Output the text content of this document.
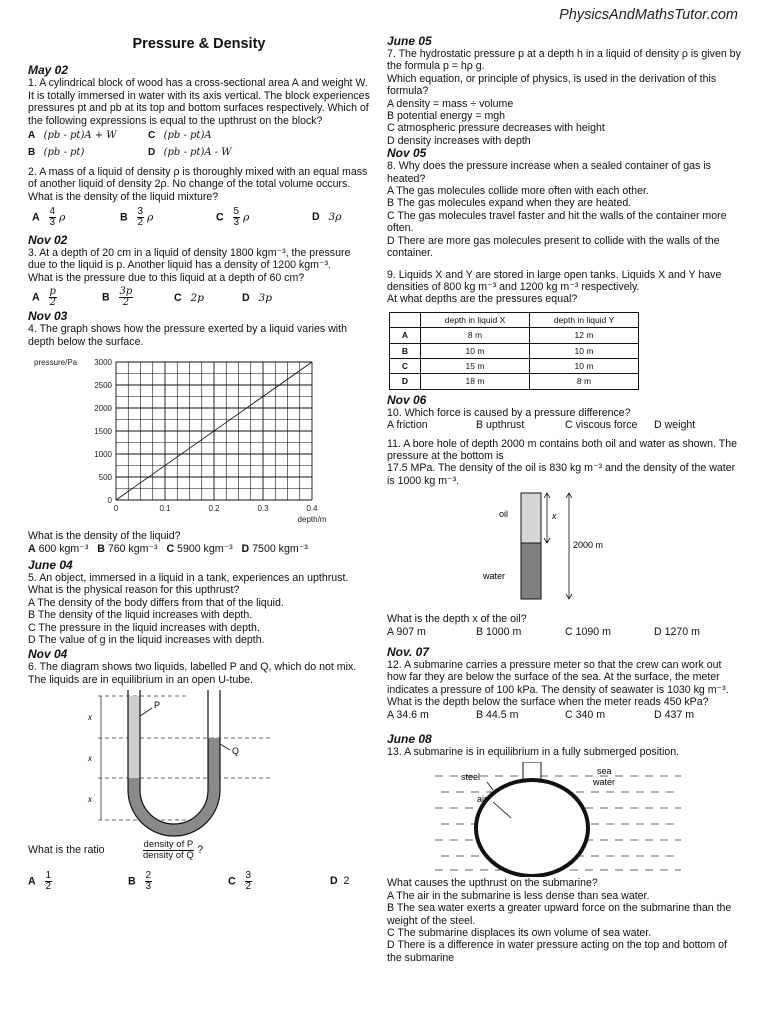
PhysicsAndMathsTutor.com
Pressure & Density
May 02

1. A cylindrical block of wood has a cross-sectional area A and weight W. It is totally immersed in water with its axis vertical. The block experiences pressures pt and pb at its top and bottom surfaces respectively. Which of the following expressions is equal to the upthrust on the block?

A (pb - pt)A + W	C (pb - pt)A
B (pb - pt)	D (pb - pt)A - W

2. A mass of a liquid of density ρ is thoroughly mixed with an equal mass of another liquid of density 2ρ. No change of the total volume occurs. What is the density of the liquid mixture?

A $\frac{4}{3}$ ρ	B $\frac{3}{2}$ ρ	C $\frac{5}{3}$ ρ	D 3ρ
Nov 02

3. At a depth of 20 cm in a liquid of density 1800 kgm⁻³, the pressure due to the liquid is p. Another liquid has a density of 1200 kgm⁻³.

What is the pressure due to this liquid at a depth of 60 cm?

A $\frac{p}{2}$	B $\frac{3p}{2}$	C 2p	D 3p
Nov 03

4. The graph shows how the pressure exerted by a liquid varies with depth below the surface.

0
500
1000
1500
2000
2500
3000
0	0.1	0.2	0.3	0.4
pressure/Pa
depth/m

What is the density of the liquid?

A 600 kgm⁻³ B 760 kgm⁻³ C 5900 kgm⁻³ D 7500 kgm⁻³
June 04

5. An object, immersed in a liquid in a tank, experiences an upthrust.

What is the physical reason for this upthrust?

A The density of the body differs from that of the liquid.

B The density of the liquid increases with depth.

C The pressure in the liquid increases with depth.

D The value of g in the liquid increases with depth.

Nov 04

6. The diagram shows two liquids, labelled P and Q, which do not mix. The liquids are in equilibrium in an open U-tube.

x
x
x
P
Q
What is the ratio	$\frac{\text{density of P}}{\text{density of Q}}$ ?
A $\frac{1}{2}$	B $\frac{2}{3}$	C $\frac{3}{2}$	D 2
June 05

7. The hydrostatic pressure p at a depth h in a liquid of density ρ is given by the formula p = hρ g.

Which equation, or principle of physics, is used in the derivation of this formula?

A density = mass ÷ volume

B potential energy = mgh

C atmospheric pressure decreases with height

D density increases with depth

Nov 05

8. Why does the pressure increase when a sealed container of gas is heated?

A The gas molecules collide more often with each other.

B The gas molecules expand when they are heated.

C The gas molecules travel faster and hit the walls of the container more often.

D There are more gas molecules present to collide with the walls of the container.

9. Liquids X and Y are stored in large open tanks. Liquids X and Y have densities of 800 kg m⁻³ and 1200 kg m⁻³ respectively.

At what depths are the pressures equal?

	depth in liquid X	depth in liquid Y
A	8 m	12 m
B	10 m	10 m
C	15 m	10 m
D	18 m	8 m
Nov 06

10. Which force is caused by a pressure difference?

A friction	B upthrust	C viscous force	D weight

11. A bore hole of depth 2000 m contains both oil and water as shown. The pressure at the bottom is

17.5 MPa. The density of the oil is 830 kg m⁻³ and the density of the water is 1000 kg m⁻³.

oil
water
x
2000 m

What is the depth x of the oil?

A 907 m	B 1000 m	C 1090 m	D 1270 m
Nov. 07

12. A submarine carries a pressure meter so that the crew can work out how far they are below the surface of the sea. At the surface, the meter indicates a pressure of 100 kPa. The density of seawater is 1030 kg m⁻³.

What is the depth below the surface when the meter reads 450 kPa?

A 34.6 m	B 44.5 m	C 340 m	D 437 m
June 08

13. A submarine is in equilibrium in a fully submerged position.

steel
air
sea
water

What causes the upthrust on the submarine?

A The air in the submarine is less dense than sea water.

B The sea water exerts a greater upward force on the submarine than the weight of the steel.

C The submarine displaces its own volume of sea water.

D There is a difference in water pressure acting on the top and bottom of the submarine
